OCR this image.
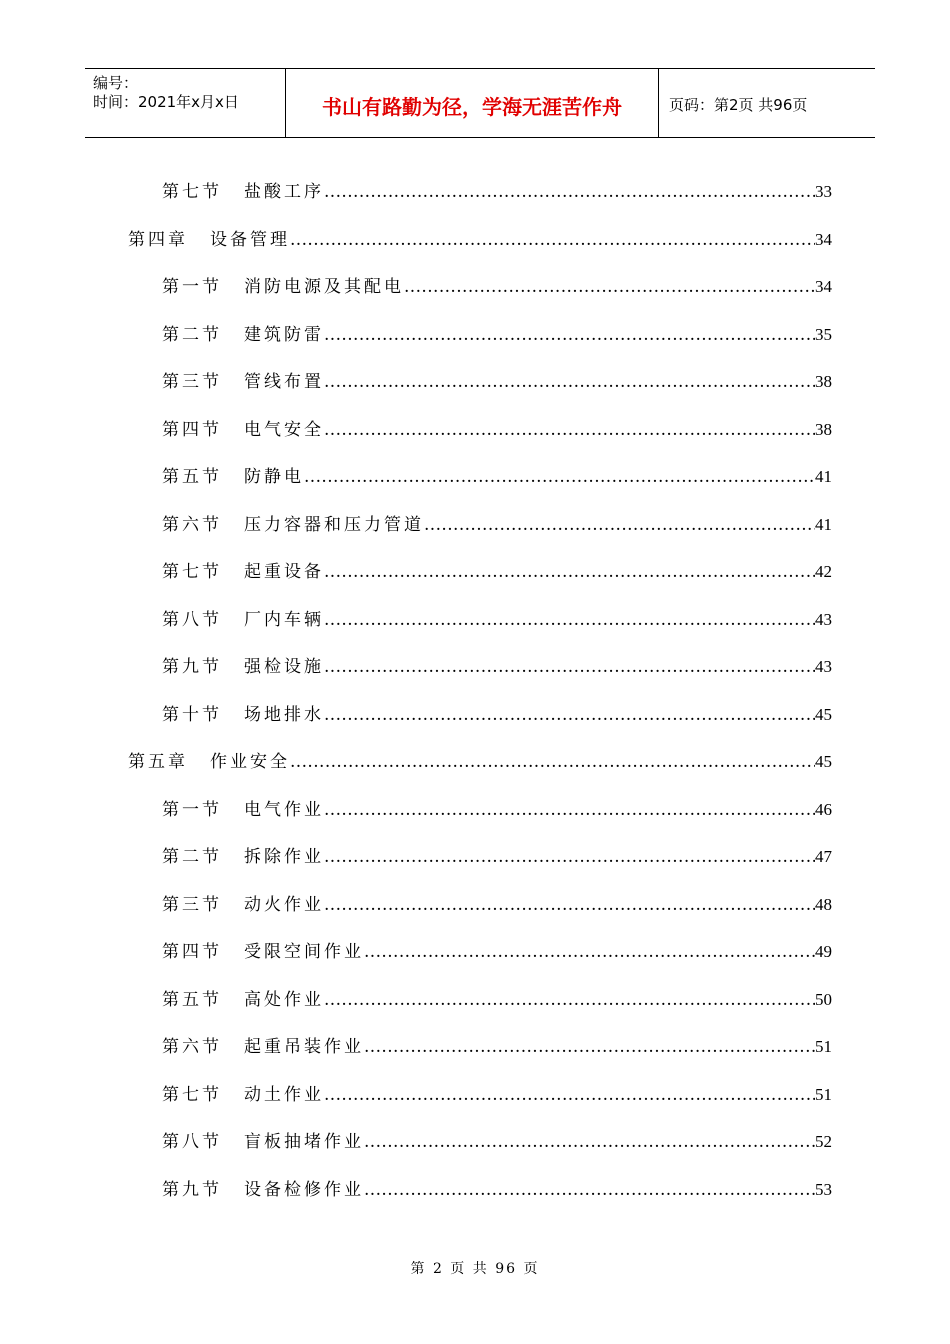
编号：
时间：2021年x月x日	书山有路勤为径，学海无涯苦作舟	页码：第2页 共96页
第七节 盐酸工序 .....	33
第四章 设备管理 .....	34
第一节 消防电源及其配电 .....	34
第二节 建筑防雷 .....	35
第三节 管线布置 .....	38
第四节 电气安全 .....	38
第五节 防静电 .....	41
第六节 压力容器和压力管道 .....	41
第七节 起重设备 .....	42
第八节 厂内车辆 .....	43
第九节 强检设施 .....	43
第十节 场地排水 .....	45
第五章 作业安全 .....	45
第一节 电气作业 .....	46
第二节 拆除作业 .....	47
第三节 动火作业 .....	48
第四节 受限空间作业 .....	49
第五节 高处作业 .....	50
第六节 起重吊装作业 .....	51
第七节 动土作业 .....	51
第八节 盲板抽堵作业 .....	52
第九节 设备检修作业 .....	53
第 2 页 共 96 页
